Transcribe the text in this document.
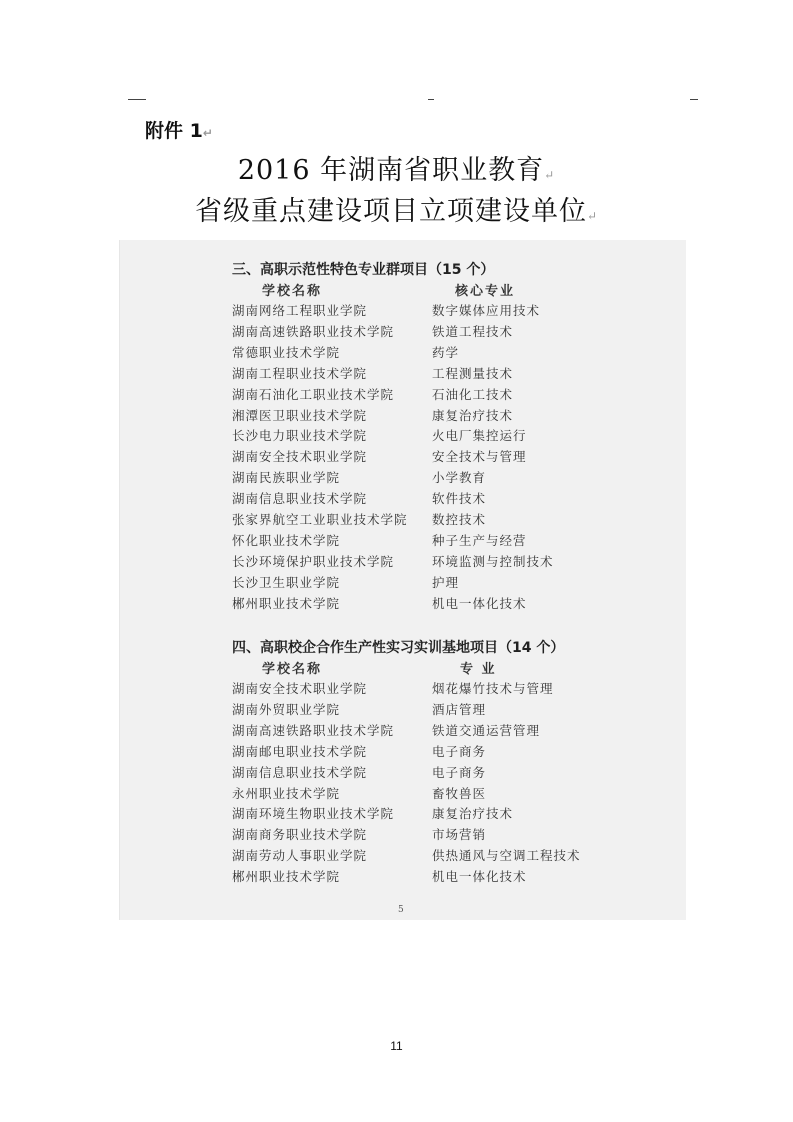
附件 1↵
2016 年湖南省职业教育↵
省级重点建设项目立项建设单位↵
三、高职示范性特色专业群项目（15 个）
学校名称	核心专业
湖南网络工程职业学院	数字媒体应用技术
湖南高速铁路职业技术学院	铁道工程技术
常德职业技术学院	药学
湖南工程职业技术学院	工程测量技术
湖南石油化工职业技术学院	石油化工技术
湘潭医卫职业技术学院	康复治疗技术
长沙电力职业技术学院	火电厂集控运行
湖南安全技术职业学院	安全技术与管理
湖南民族职业学院	小学教育
湖南信息职业技术学院	软件技术
张家界航空工业职业技术学院 数控技术
怀化职业技术学院	种子生产与经营
长沙环境保护职业技术学院	环境监测与控制技术
长沙卫生职业学院	护理
郴州职业技术学院	机电一体化技术
四、高职校企合作生产性实习实训基地项目（14 个）
学校名称	专 业
湖南安全技术职业学院	烟花爆竹技术与管理
湖南外贸职业学院	酒店管理
湖南高速铁路职业技术学院	铁道交通运营管理
湖南邮电职业技术学院	电子商务
湖南信息职业技术学院	电子商务
永州职业技术学院	畜牧兽医
湖南环境生物职业技术学院	康复治疗技术
湖南商务职业技术学院	市场营销
湖南劳动人事职业学院	供热通风与空调工程技术
郴州职业技术学院	机电一体化技术
5
11
